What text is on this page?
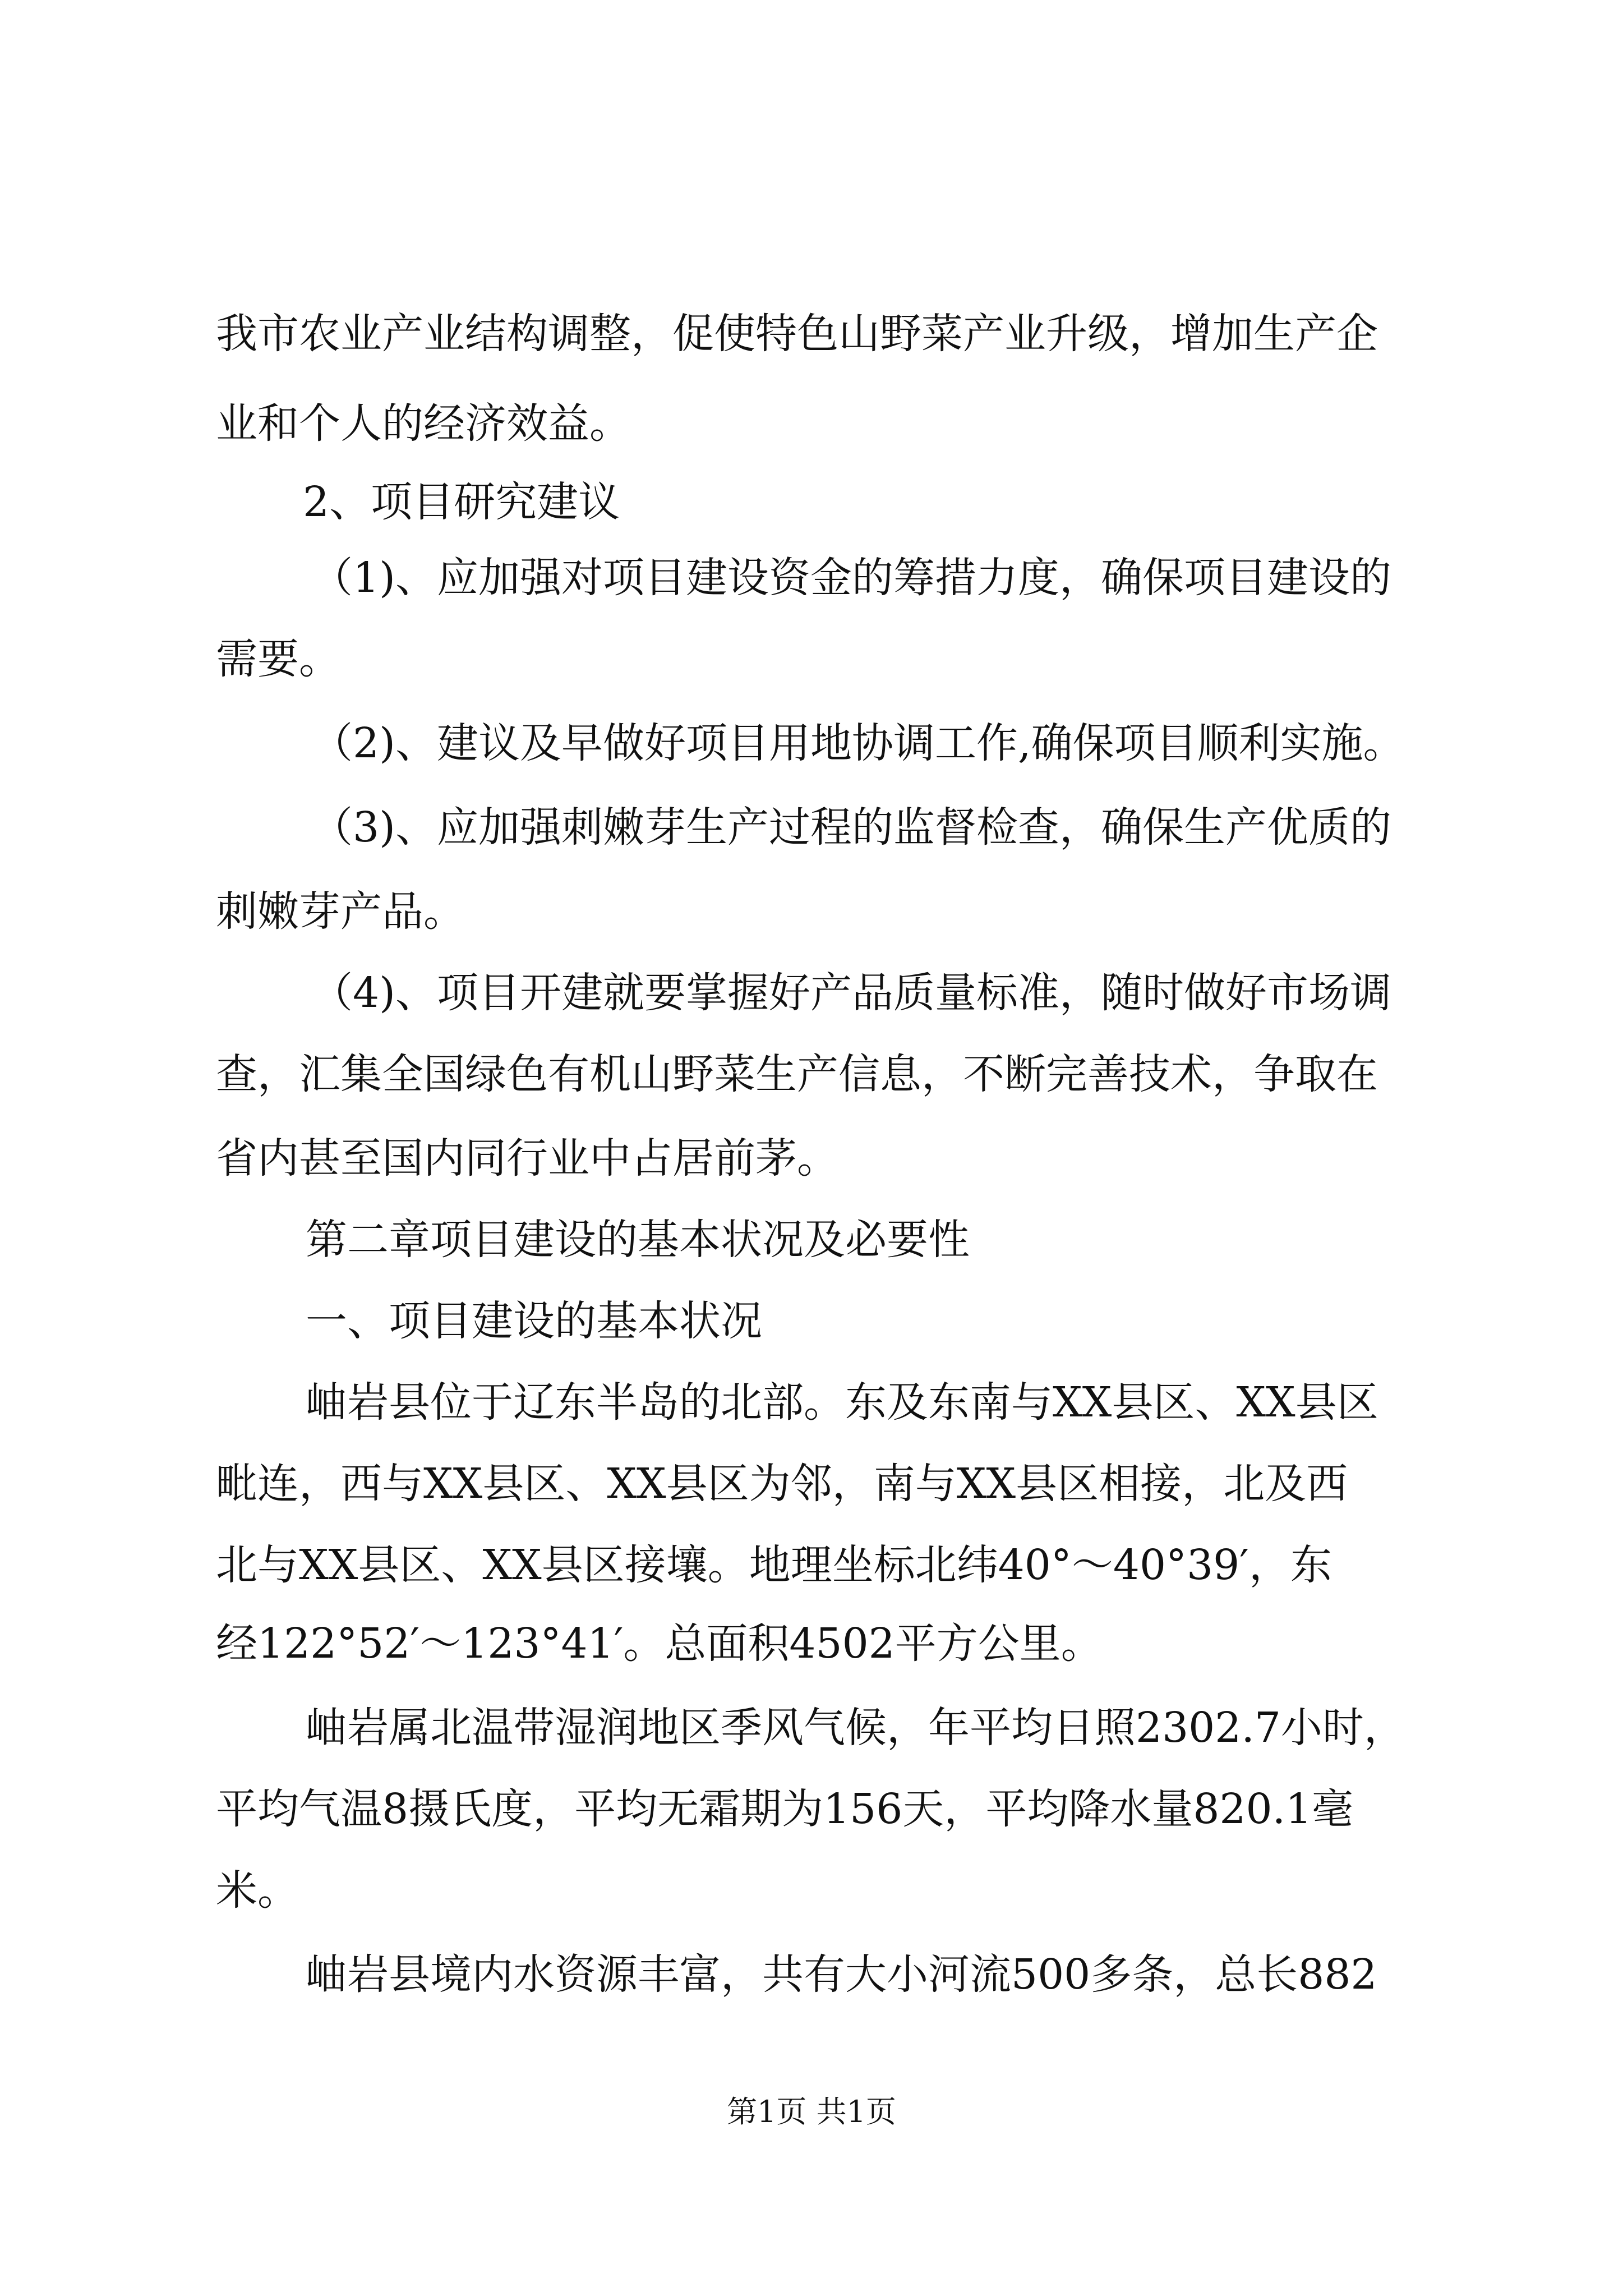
我市农业产业结构调整，促使特色山野菜产业升级，增加生产企
业和个人的经济效益。
2、项目研究建议
（1)、应加强对项目建设资金的筹措力度，确保项目建设的
需要。
（2)、建议及早做好项目用地协调工作,确保项目顺利实施。
（3)、应加强刺嫩芽生产过程的监督检查，确保生产优质的
刺嫩芽产品。
（4)、项目开建就要掌握好产品质量标准，随时做好市场调
查，汇集全国绿色有机山野菜生产信息，不断完善技术，争取在
省内甚至国内同行业中占居前茅。
第二章项目建设的基本状况及必要性
一、项目建设的基本状况
岫岩县位于辽东半岛的北部。东及东南与XX县区、XX县区
毗连，西与XX县区、XX县区为邻，南与XX县区相接，北及西
北与XX县区、XX县区接壤。地理坐标北纬40°～40°39′，东
经122°52′～123°41′。总面积4502平方公里。
岫岩属北温带湿润地区季风气候，年平均日照2302.7小时，
平均气温8摄氏度，平均无霜期为156天，平均降水量820.1毫
米。
岫岩县境内水资源丰富，共有大小河流500多条，总长882
第1页 共1页
